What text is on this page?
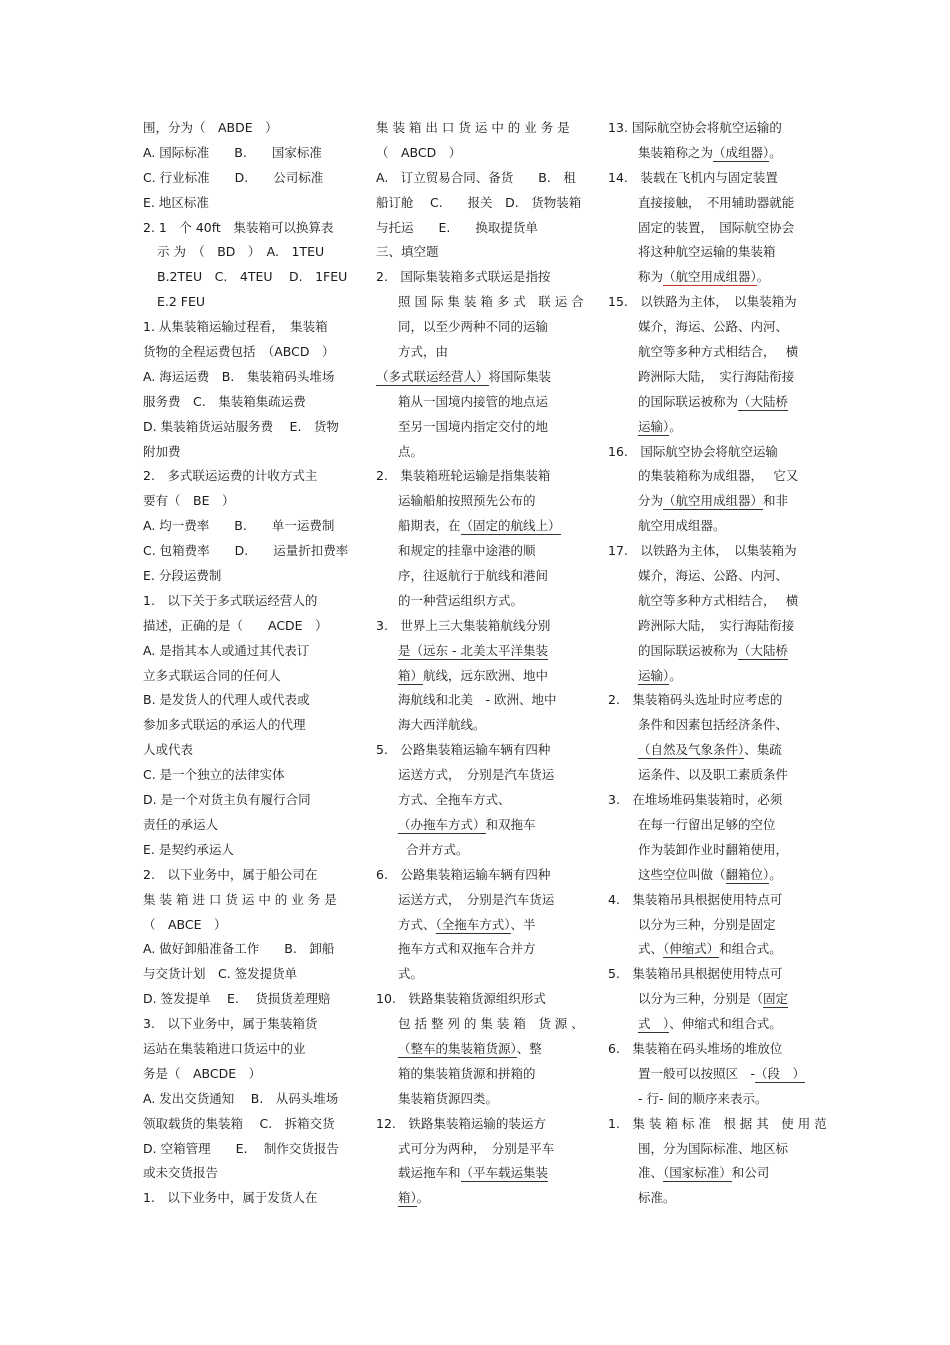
围，分为（　ABDE　）
A. 国际标准　　B.　　国家标准
C. 行业标准　　D.　　公司标准
E. 地区标准
2. 1　个 40ft　集装箱可以换算表
示 为　（　BD　）　A.　1TEU
B.2TEU　C.　4TEU　 D.　1FEU
E.2 FEU
1. 从集装箱运输过程看，　集装箱
货物的全程运费包括　（ABCD　）
A. 海运运费　B.　集装箱码头堆场
服务费　C.　集装箱集疏运费
D. 集装箱货运站服务费　 E.　货物
附加费
2.　多式联运运费的计收方式主
要有（　BE　）
A. 均一费率　　B.　　单一运费制
C. 包箱费率　　D.　　运量折扣费率
E. 分段运费制
1.　以下关于多式联运经营人的
描述，正确的是（　　ACDE　）
A. 是指其本人或通过其代表订
立多式联运合同的任何人
B. 是发货人的代理人或代表或
参加多式联运的承运人的代理
人或代表
C. 是一个独立的法律实体
D. 是一个对货主负有履行合同
责任的承运人
E. 是契约承运人
2.　以下业务中，属于船公司在
集 装 箱 进 口 货 运 中 的 业 务 是
（　ABCE　）
A. 做好卸船准备工作　　B.　卸船
与交货计划　C. 签发提货单
D. 签发提单　 E.　 货损货差理赔
3.　以下业务中，属于集装箱货
运站在集装箱进口货运中的业
务是（　ABCDE　）
A. 发出交货通知　 B.　从码头堆场
领取载货的集装箱　 C.　拆箱交货
D. 空箱管理　　E.　 制作交货报告
或未交货报告
1.　以下业务中，属于发货人在
集 装 箱 出 口 货 运 中 的 业 务 是
（　ABCD　）
A.　订立贸易合同、备货　　B.　租
船订舱　 C.　　报关　D.　货物装箱
与托运　　E.　　换取提货单
三、填空题
2.　国际集装箱多式联运是指按
照 国 际 集 装 箱 多 式　联 运 合
同，以至少两种不同的运输
方式，由
（多式联运经营人）将国际集装
箱从一国境内接管的地点运
至另一国境内指定交付的地
点。
2.　集装箱班轮运输是指集装箱
运输船舶按照预先公布的
船期表，在（固定的航线上）
和规定的挂靠中途港的顺
序，往返航行于航线和港间
的一种营运组织方式。
3.　世界上三大集装箱航线分别
是（远东 - 北美太平洋集装
箱）航线，远东欧洲、地中
海航线和北美　- 欧洲、地中
海大西洋航线。
5.　公路集装箱运输车辆有四种
运送方式，　分别是汽车货运
方式、全拖车方式、
（办拖车方式）和双拖车
合并方式。
6.　公路集装箱运输车辆有四种
运送方式，　分别是汽车货运
方式、（全拖车方式）、半
拖车方式和双拖车合并方
式。
10.　铁路集装箱货源组织形式
包 括 整 列 的 集 装 箱　货 源 、
（整车的集装箱货源）、整
箱的集装箱货源和拼箱的
集装箱货源四类。
12.　铁路集装箱运输的装运方
式可分为两种，　分别是平车
载运拖车和（平车载运集装
箱）。
13. 国际航空协会将航空运输的
集装箱称之为（成组器）。
14.　装载在飞机内与固定装置
直接接触，　不用辅助器就能
固定的装置，　国际航空协会
将这种航空运输的集装箱
称为（航空用成组器）。
15.　以铁路为主体，　以集装箱为
媒介，海运、公路、内河、
航空等多种方式相结合，　 横
跨洲际大陆，　实行海陆衔接
的国际联运被称为（大陆桥
运输）。
16.　国际航空协会将航空运输
的集装箱称为成组器，　 它又
分为（航空用成组器）和非
航空用成组器。
17.　以铁路为主体，　以集装箱为
媒介，海运、公路、内河、
航空等多种方式相结合，　 横
跨洲际大陆，　实行海陆衔接
的国际联运被称为（大陆桥
运输）。
2.　集装箱码头选址时应考虑的
条件和因素包括经济条件、
（自然及气象条件）、集疏
运条件、以及职工素质条件
3.　在堆场堆码集装箱时，必须
在每一行留出足够的空位
作为装卸作业时翻箱使用，
这些空位叫做（翻箱位）。
4.　集装箱吊具根据使用特点可
以分为三种，分别是固定
式、（伸缩式）和组合式。
5.　集装箱吊具根据使用特点可
以分为三种，分别是（固定
式　）、伸缩式和组合式。
6.　集装箱在码头堆场的堆放位
置一般可以按照区　-（段　）
- 行- 间的顺序来表示。
1.　集 装 箱 标 准　根 据 其　使 用 范
围，分为国际标准、地区标
准、（国家标准）和公司
标准。
